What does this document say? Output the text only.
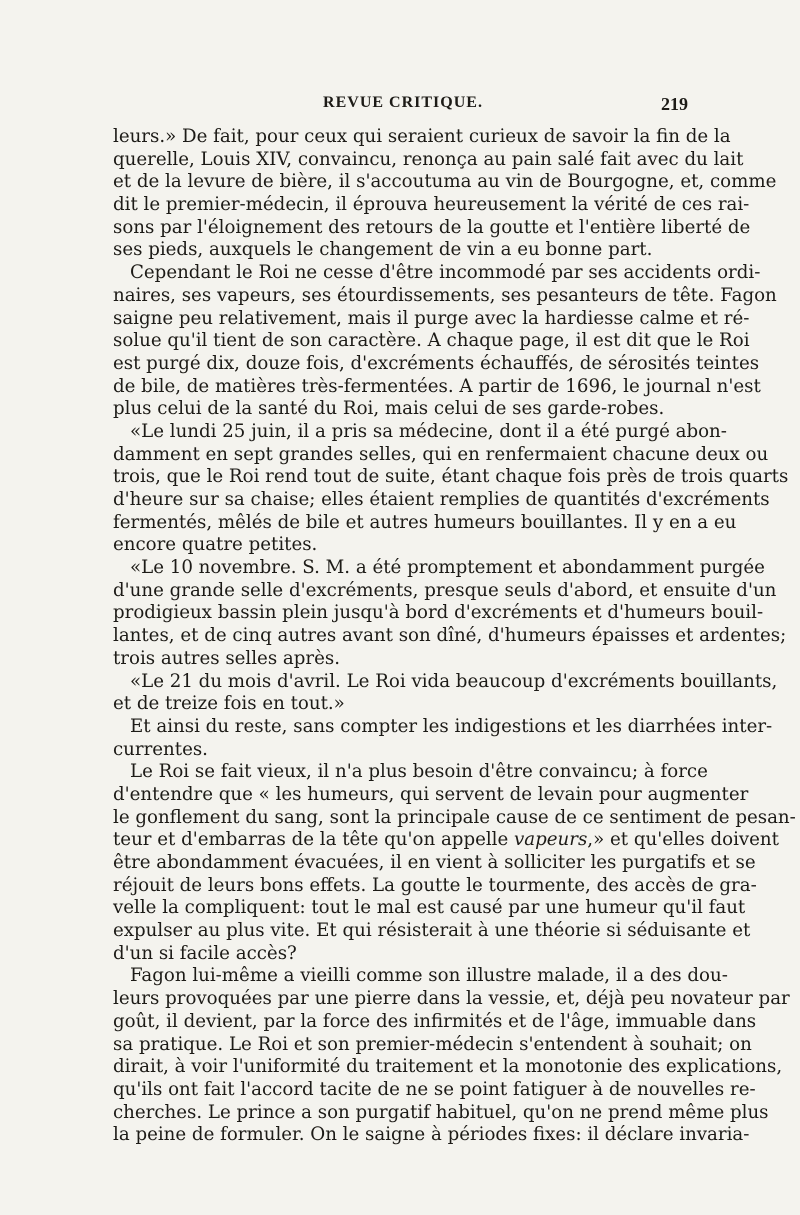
REVUE CRITIQUE.	219
leurs.» De fait, pour ceux qui seraient curieux de savoir la fin de la
querelle, Louis XIV, convaincu, renonça au pain salé fait avec du lait
et de la levure de bière, il s'accoutuma au vin de Bourgogne, et, comme
dit le premier-médecin, il éprouva heureusement la vérité de ces rai-
sons par l'éloignement des retours de la goutte et l'entière liberté de
ses pieds, auxquels le changement de vin a eu bonne part.
Cependant le Roi ne cesse d'être incommodé par ses accidents ordi-
naires, ses vapeurs, ses étourdissements, ses pesanteurs de tête. Fagon
saigne peu relativement, mais il purge avec la hardiesse calme et ré-
solue qu'il tient de son caractère. A chaque page, il est dit que le Roi
est purgé dix, douze fois, d'excréments échauffés, de sérosités teintes
de bile, de matières très-fermentées. A partir de 1696, le journal n'est
plus celui de la santé du Roi, mais celui de ses garde-robes.
«Le lundi 25 juin, il a pris sa médecine, dont il a été purgé abon-
damment en sept grandes selles, qui en renfermaient chacune deux ou
trois, que le Roi rend tout de suite, étant chaque fois près de trois quarts
d'heure sur sa chaise; elles étaient remplies de quantités d'excréments
fermentés, mêlés de bile et autres humeurs bouillantes. Il y en a eu
encore quatre petites.
«Le 10 novembre. S. M. a été promptement et abondamment purgée
d'une grande selle d'excréments, presque seuls d'abord, et ensuite d'un
prodigieux bassin plein jusqu'à bord d'excréments et d'humeurs bouil-
lantes, et de cinq autres avant son dîné, d'humeurs épaisses et ardentes;
trois autres selles après.
«Le 21 du mois d'avril. Le Roi vida beaucoup d'excréments bouillants,
et de treize fois en tout.»
Et ainsi du reste, sans compter les indigestions et les diarrhées inter-
currentes.
Le Roi se fait vieux, il n'a plus besoin d'être convaincu; à force
d'entendre que « les humeurs, qui servent de levain pour augmenter
le gonflement du sang, sont la principale cause de ce sentiment de pesan-
teur et d'embarras de la tête qu'on appelle vapeurs,» et qu'elles doivent
être abondamment évacuées, il en vient à solliciter les purgatifs et se
réjouit de leurs bons effets. La goutte le tourmente, des accès de gra-
velle la compliquent: tout le mal est causé par une humeur qu'il faut
expulser au plus vite. Et qui résisterait à une théorie si séduisante et
d'un si facile accès?
Fagon lui-même a vieilli comme son illustre malade, il a des dou-
leurs provoquées par une pierre dans la vessie, et, déjà peu novateur par
goût, il devient, par la force des infirmités et de l'âge, immuable dans
sa pratique. Le Roi et son premier-médecin s'entendent à souhait; on
dirait, à voir l'uniformité du traitement et la monotonie des explications,
qu'ils ont fait l'accord tacite de ne se point fatiguer à de nouvelles re-
cherches. Le prince a son purgatif habituel, qu'on ne prend même plus
la peine de formuler. On le saigne à périodes fixes: il déclare invaria-
